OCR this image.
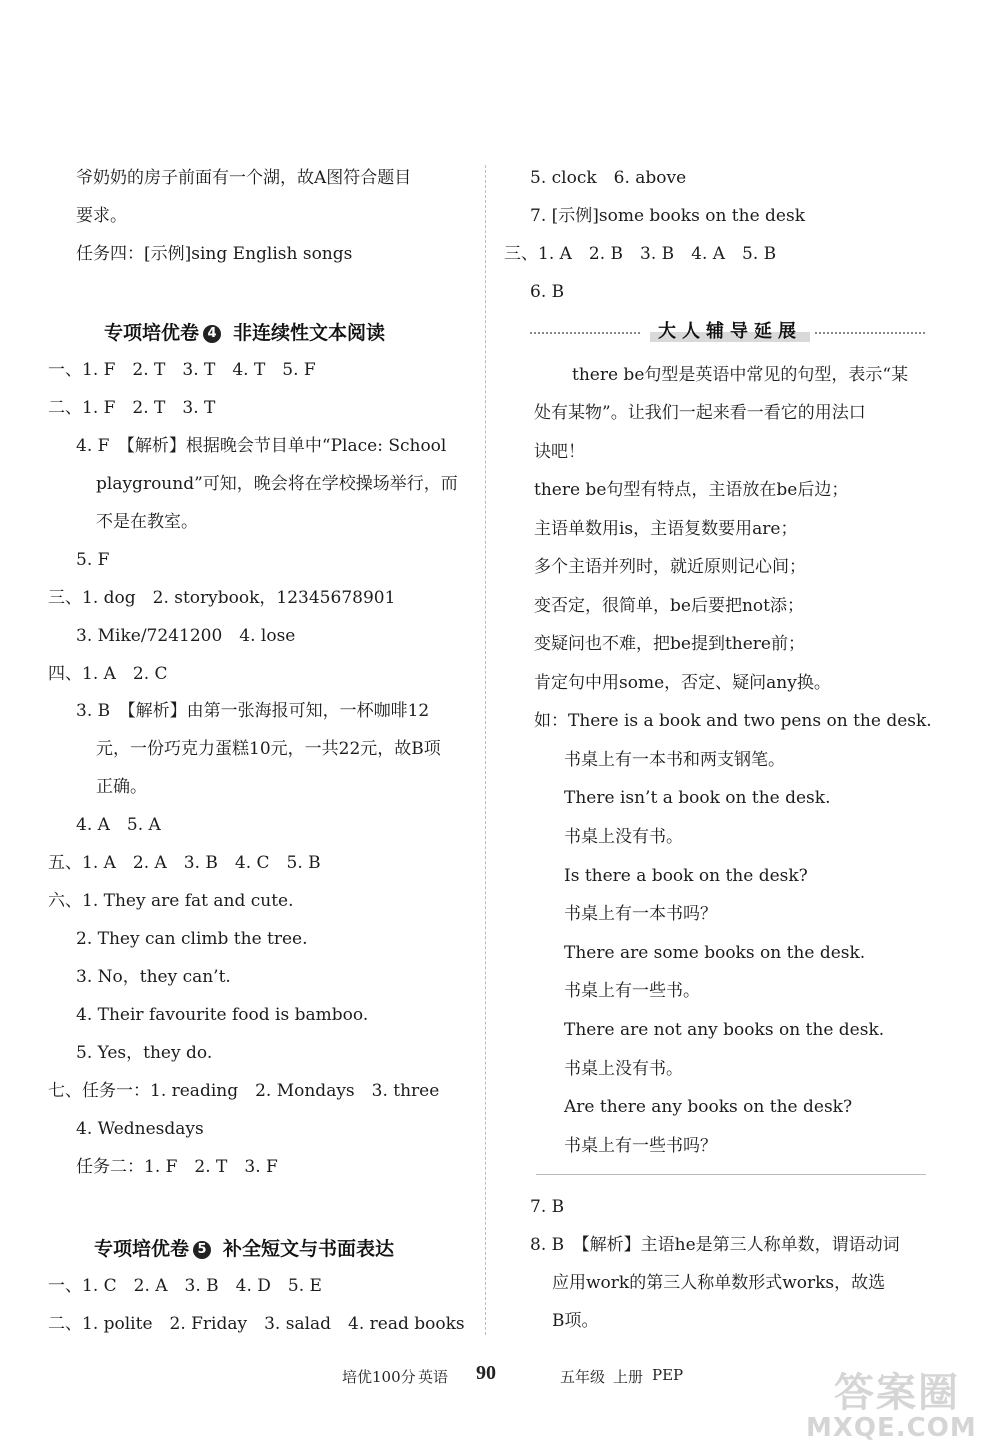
爷奶奶的房子前面有一个湖，故A图符合题目
要求。
任务四：[示例]sing English songs
专项培优卷 4 非连续性文本阅读
一、1. F　2. T　3. T　4. T　5. F
二、1. F　2. T　3. T
4. F　【解析】根据晚会节目单中“Place: School
playground”可知，晚会将在学校操场举行，而
不是在教室。
5. F
三、1. dog　2. storybook，12345678901
3. Mike/7241200　4. lose
四、1. A　2. C
3. B　【解析】由第一张海报可知，一杯咖啡12
元，一份巧克力蛋糕10元，一共22元，故B项
正确。
4. A　5. A
五、1. A　2. A　3. B　4. C　5. B
六、1. They are fat and cute.
2. They can climb the tree.
3. No，they can’t.
4. Their favourite food is bamboo.
5. Yes，they do.
七、任务一：1. reading　2. Mondays　3. three
4. Wednesdays
任务二：1. F　2. T　3. F
专项培优卷 5 补全短文与书面表达
一、1. C　2. A　3. B　4. D　5. E
二、1. polite　2. Friday　3. salad　4. read books
5. clock　6. above
7. [示例]some books on the desk
三、1. A　2. B　3. B　4. A　5. B
6. B
大人辅导延展
there be句型是英语中常见的句型，表示“某
处有某物”。让我们一起来看一看它的用法口
诀吧！
there be句型有特点，主语放在be后边；
主语单数用is，主语复数要用are；
多个主语并列时，就近原则记心间；
变否定，很简单，be后要把not添；
变疑问也不难，把be提到there前；
肯定句中用some，否定、疑问any换。
如：There is a book and two pens on the desk.
书桌上有一本书和两支钢笔。
There isn’t a book on the desk.
书桌上没有书。
Is there a book on the desk?
书桌上有一本书吗？
There are some books on the desk.
书桌上有一些书。
There are not any books on the desk.
书桌上没有书。
Are there any books on the desk?
书桌上有一些书吗？
7. B
8. B　【解析】主语he是第三人称单数，谓语动词
应用work的第三人称单数形式works，故选
B项。
培优100分 英语 90	五年级 上册 PEP	答案圈
MXQE.COM
